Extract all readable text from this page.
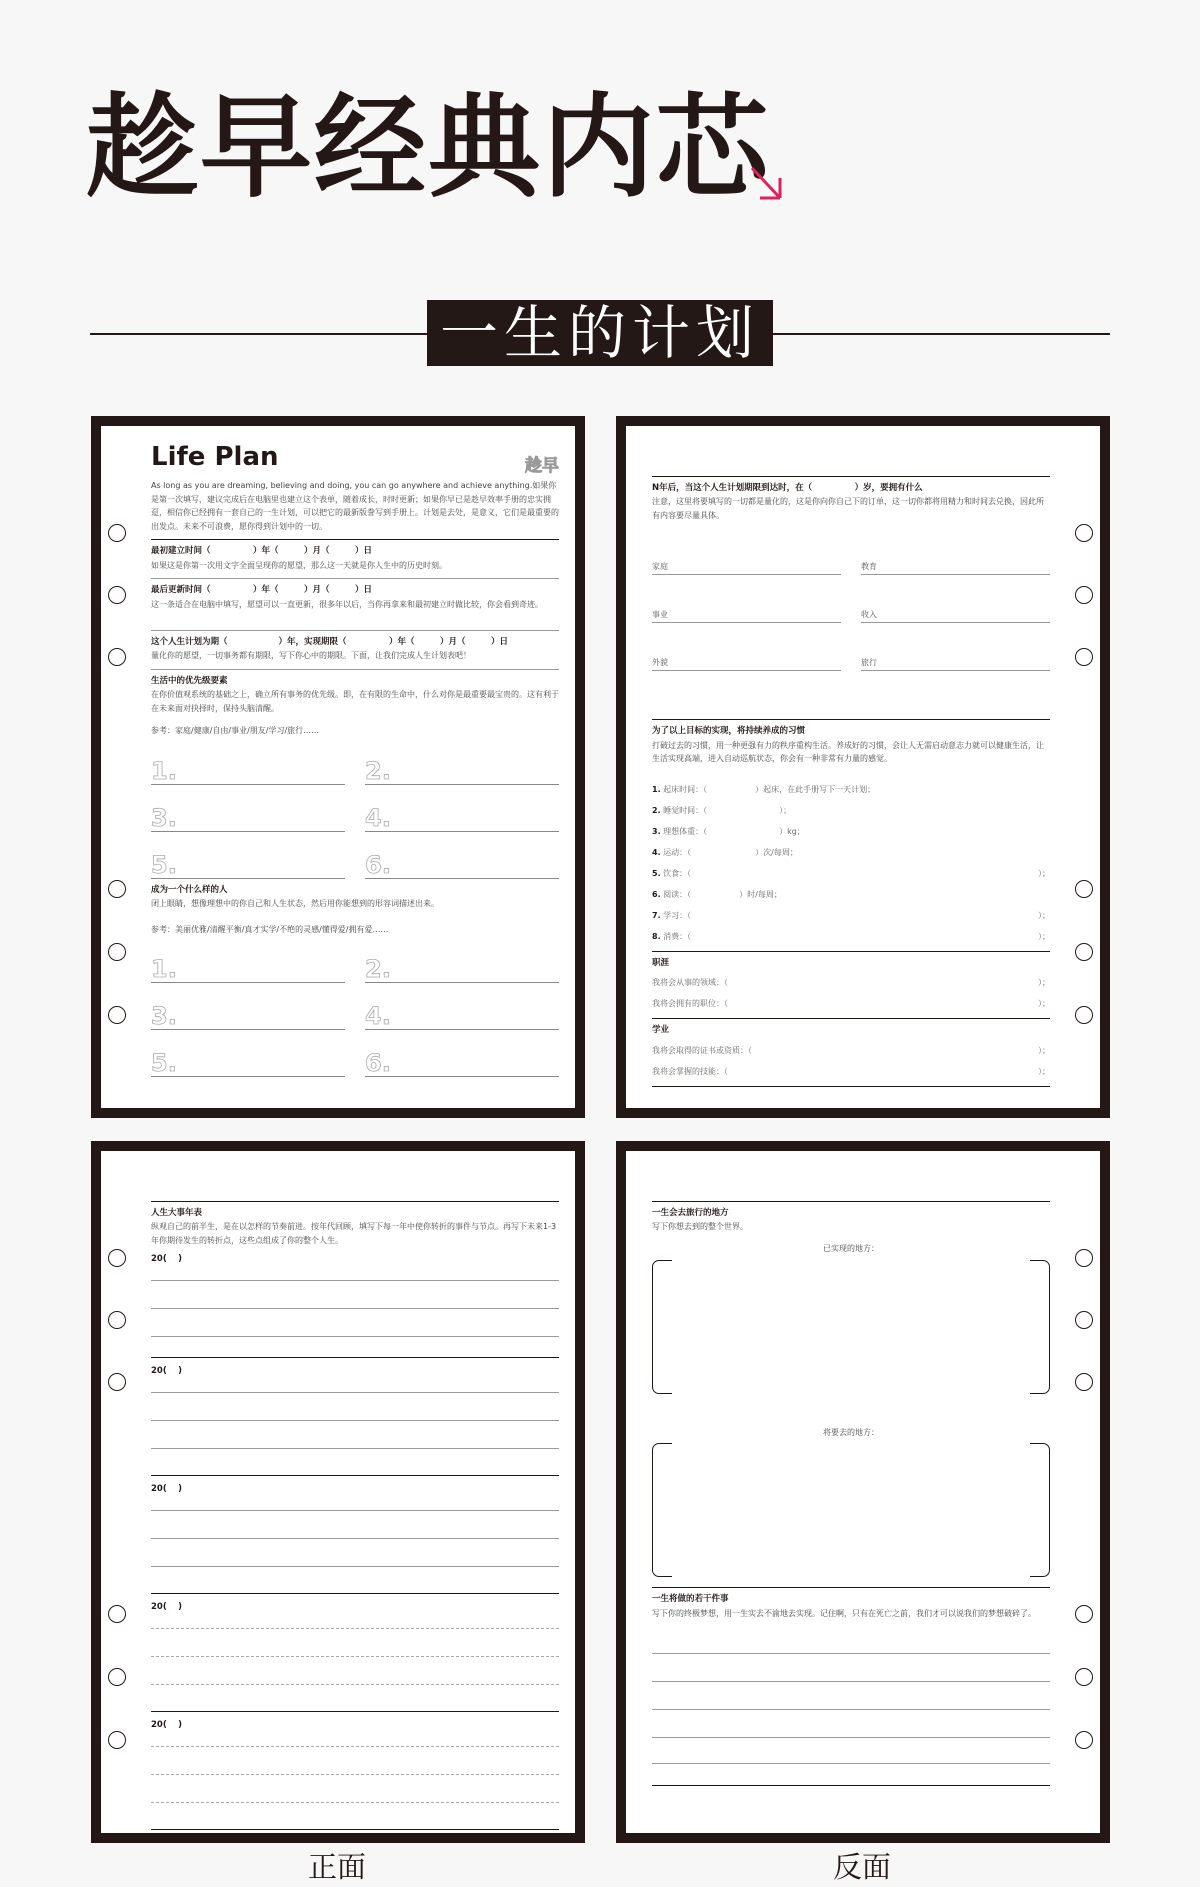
趁早经典内芯
一生的计划
Life Plan	趁早
As long as you are dreaming, believing and doing, you can go anywhere and achieve anything.如果你是第一次填写，建议完成后在电脑里也建立这个表单，随着成长，时时更新；如果你早已是趁早效率手册的忠实拥趸，相信你已经拥有一套自己的一生计划，可以把它的最新版誊写到手册上。计划是去处，是意义，它们是最重要的出发点。未来不可浪费，愿你得到计划中的一切。
最初建立时间（　　　　　）年（　　　）月（　　　）日
如果这是你第一次用文字全面呈现你的愿望，那么这一天就是你人生中的历史时刻。
最后更新时间（　　　　　）年（　　　）月（　　　）日
这一条适合在电脑中填写，愿望可以一直更新，很多年以后，当你再拿来和最初建立时做比较，你会看到奇迹。
这个人生计划为期（　　　　　　）年，实现期限（　　　　　）年（　　　）月（　　　）日
量化你的愿望，一切事务都有期限，写下你心中的期限。下面，让我们完成人生计划表吧！
生活中的优先级要素
在你价值观系统的基础之上，确立所有事务的优先级。即，在有限的生命中，什么对你是最重要最宝贵的。这有利于在未来面对抉择时，保持头脑清醒。
参考：家庭/健康/自由/事业/朋友/学习/旅行……
1.	2.
3.	4.
5.	6.
成为一个什么样的人
闭上眼睛，想像理想中的你自己和人生状态，然后用你能想到的形容词描述出来。
参考：美丽优雅/清醒平衡/真才实学/不绝的灵感/懂得爱/拥有爱……
1.	2.
3.	4.
5.	6.
N年后，当这个人生计划期限到达时，在（　　　　　）岁，要拥有什么
注意，这里将要填写的一切都是量化的，这是你向你自己下的订单，这一切你都将用精力和时间去兑换，因此所有内容要尽量具体。
家庭	教育
事业	收入
外貌	旅行
为了以上目标的实现，将持续养成的习惯
打破过去的习惯，用一种更强有力的秩序重构生活。养成好的习惯，会让人无需启动意志力就可以健康生活，让生活实现高端，进入自动巡航状态，你会有一种非常有力量的感觉。
1. 起床时间：（　　　　　　）起床，在此手册写下一天计划；
2. 睡觉时间：（　　　　　　　　　）；
3. 理想体重：（　　　　　　　　　）kg；
4. 运动：（　　　　　　　　）次/每周；
5. 饮食：（	）；
6. 阅读：（　　　　　　）时/每周；
7. 学习：（	）；
8. 消费：（	）；
职涯
我将会从事的领域：（	）；
我将会拥有的职位：（	）；
学业
我将会取得的证书或资质：（	）；
我将会掌握的技能：（	）；
人生大事年表
纵观自己的前半生，是在以怎样的节奏前进。按年代回顾，填写下每一年中使你转折的事件与节点。再写下未来1-3年你期待发生的转折点，这些点组成了你的整个人生。
20(　 )
20(　 )
20(　 )
20(　 )
20(　 )
一生会去旅行的地方
写下你想去到的整个世界。
已实现的地方：
将要去的地方：
一生将做的若干件事
写下你的终极梦想，用一生实去不渝地去实现。记住啊，只有在死亡之前，我们才可以说我们的梦想破碎了。
正面	反面
